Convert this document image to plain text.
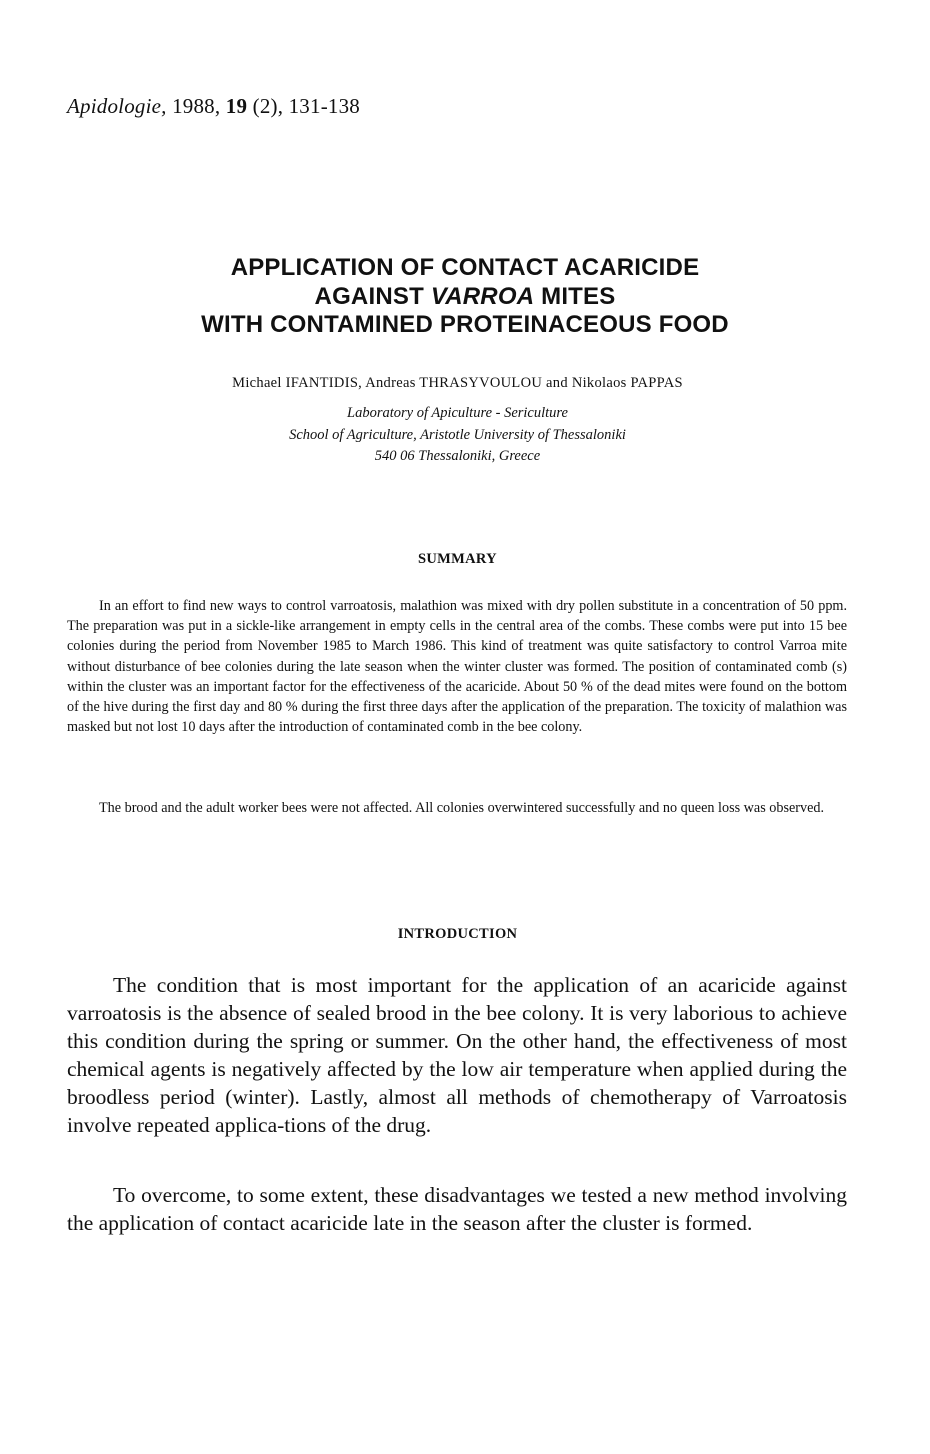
Apidologie, 1988, 19 (2), 131-138
APPLICATION OF CONTACT ACARICIDE
AGAINST VARROA MITES
WITH CONTAMINED PROTEINACEOUS FOOD
Michael IFANTIDIS, Andreas THRASYVOULOU and Nikolaos PAPPAS
Laboratory of Apiculture - Sericulture
School of Agriculture, Aristotle University of Thessaloniki
540 06 Thessaloniki, Greece
SUMMARY

In an effort to find new ways to control varroatosis, malathion was mixed with dry pollen substitute in a concentration of 50 ppm. The preparation was put in a sickle-like arrangement in empty cells in the central area of the combs. These combs were put into 15 bee colonies during the period from November 1985 to March 1986. This kind of treatment was quite satisfactory to control Varroa mite without disturbance of bee colonies during the late season when the winter cluster was formed. The position of contaminated comb (s) within the cluster was an important factor for the effectiveness of the acaricide. About 50 % of the dead mites were found on the bottom of the hive during the first day and 80 % during the first three days after the application of the preparation. The toxicity of malathion was masked but not lost 10 days after the introduction of contaminated comb in the bee colony.

The brood and the adult worker bees were not affected. All colonies overwintered successfully and no queen loss was observed.

INTRODUCTION

The condition that is most important for the application of an acaricide against varroatosis is the absence of sealed brood in the bee colony. It is very laborious to achieve this condition during the spring or summer. On the other hand, the effectiveness of most chemical agents is negatively affected by the low air temperature when applied during the broodless period (winter). Lastly, almost all methods of chemotherapy of Varroatosis involve repeated applica-tions of the drug.

To overcome, to some extent, these disadvantages we tested a new method involving the application of contact acaricide late in the season after the cluster is formed.
